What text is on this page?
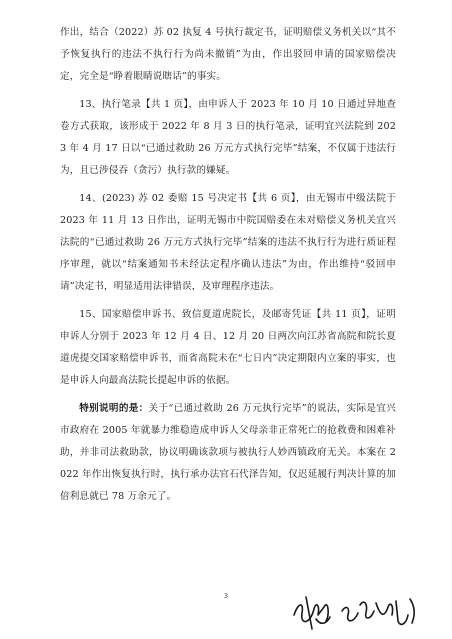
作出，结合（2022）苏 02 执复 4 号执行裁定书，证明赔偿义务机关以“其不予恢复执行的违法不执行行为尚未撤销”为由，作出驳回申请的国家赔偿决定，完全是“睁着眼睛说瞎话”的事实。

13、执行笔录【共 1 页】，由申诉人于 2023 年 10 月 10 日通过异地查卷方式获取，该形成于 2022 年 8 月 3 日的执行笔录，证明宜兴法院到 2023 年 4 月 17 日以“已通过救助 26 万元方式执行完毕”结案，不仅属于违法行为，且已涉侵吞（贪污）执行款的嫌疑。

14、(2023) 苏 02 委赔 15 号决定书【共 6 页】，由无锡市中级法院于 2023 年 11 月 13 日作出，证明无锡市中院国赔委在未对赔偿义务机关宜兴法院的“已通过救助 26 万元方式执行完毕”结案的违法不执行行为进行质证程序审理，就以“结案通知书未经法定程序确认违法”为由，作出维持“驳回申请”决定书，明显适用法律错误，及审理程序违法。

15、国家赔偿申诉书、致信夏道虎院长，及邮寄凭证【共 11 页】，证明申诉人分别于 2023 年 12 月 4 日、12 月 20 日两次向江苏省高院和院长夏道虎提交国家赔偿申诉书，而省高院未在“七日内”决定期限内立案的事实，也是申诉人向最高法院长提起申诉的依据。

特别说明的是：关于“已通过救助 26 万元执行完毕”的说法，实际是宜兴市政府在 2005 年就暴力维稳造成申诉人父母亲非正常死亡的抢救费和困难补助，并非司法救助款，协议明确该款项与被执行人妙西镇政府无关。本案在 2022 年作出恢复执行时，执行承办法官石代泽告知，仅迟延履行判决计算的加倍利息就已 78 万余元了。

3
